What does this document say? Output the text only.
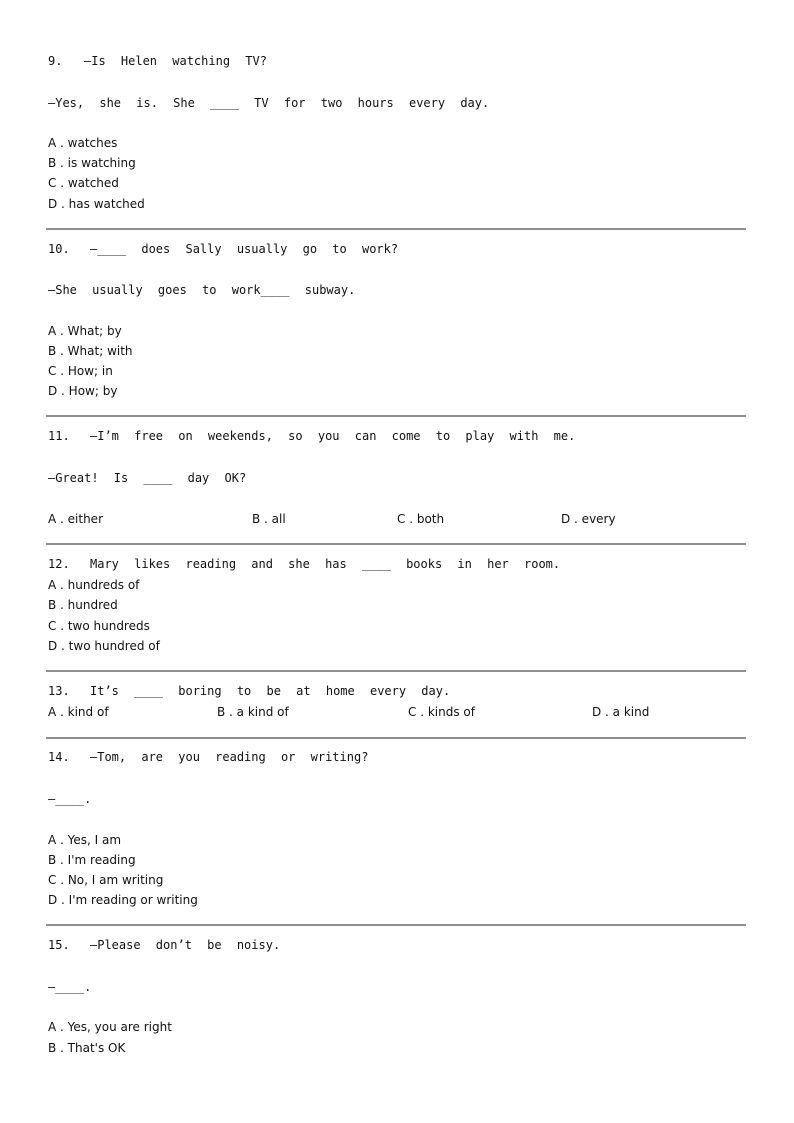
9. —Is Helen watching TV?
—Yes, she is. She ____ TV for two hours every day.
A . watches
B . is watching
C . watched
D . has watched
10. —____ does Sally usually go to work?
—She usually goes to work____ subway.
A . What; by
B . What; with
C . How; in
D . How; by
11. —I’m free on weekends, so you can come to play with me.
—Great! Is ____ day OK?
A . either	B . all	C . both	D . every
12. Mary likes reading and she has ____ books in her room.
A . hundreds of
B . hundred
C . two hundreds
D . two hundred of
13. It’s ____ boring to be at home every day.
A . kind of	B . a kind of	C . kinds of	D . a kind
14. —Tom, are you reading or writing?
—____.
A . Yes, I am
B . I'm reading
C . No, I am writing
D . I'm reading or writing
15. —Please don’t be noisy.
—____.
A . Yes, you are right
B . That's OK
